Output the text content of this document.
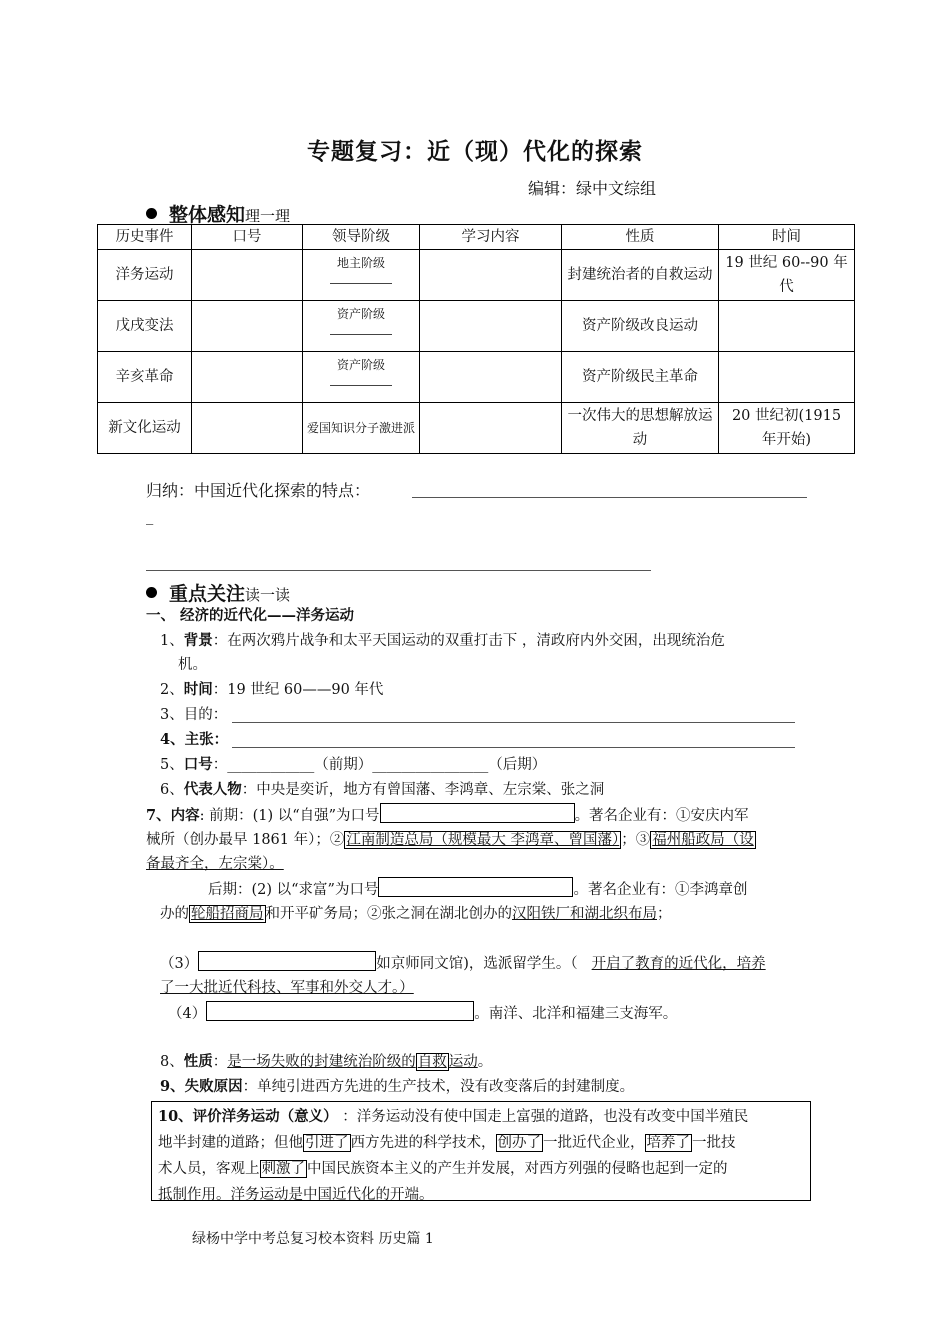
专题复习：近（现）代化的探索
编辑：绿中文综组
整体感知理一理
历史事件	口号	领导阶级	学习内容	性质	时间
洋务运动		地主阶级		封建统治者的自救运动	19 世纪 60--90 年代
戊戌变法		资产阶级		资产阶级改良运动	
辛亥革命		资产阶级		资产阶级民主革命	
新文化运动		爱国知识分子激进派		一次伟大的思想解放运动	20 世纪初(1915 年开始)
归纳：中国近代化探索的特点：
_
重点关注读一读
一、 经济的近代化——洋务运动
1、背景：在两次鸦片战争和太平天国运动的双重打击下 ，清政府内外交困，出现统治危
机。
2、时间：19 世纪 60——90 年代
3、目的：
4、主张：
5、口号：____________（前期）________________（后期）
6、代表人物：中央是奕䜣，地方有曾国藩、李鸿章、左宗棠、张之洞
7、内容: 前期：(1) 以“自强”为口号	。著名企业有：①安庆内军
械所（创办最早 1861 年）；② 江南制造总局（规模最大 李鸿章、曾国藩） ；③ 福州船政局（设
备最齐全，左宗棠）。
后期：(2) 以“求富”为口号	。著名企业有：①李鸿章创
办的 轮船招商局 和开平矿务局；②张之洞在湖北创办的汉阳铁厂和湖北织布局；
（3）	如京师同文馆)，选派留学生。（ 开启了教育的近代化，培养
了一大批近代科技、军事和外交人才。）
（4）	。南洋、北洋和福建三支海军。
8、性质：是一场失败的封建统治阶级的 自救 运动。
9、失败原因：单纯引进西方先进的生产技术，没有改变落后的封建制度。
10、评价洋务运动（意义） ：洋务运动没有使中国走上富强的道路，也没有改变中国半殖民
地半封建的道路；但他 引进了 西方先进的科学技术， 创办了 一批近代企业， 培养了 一批技
术人员，客观上 刺激了 中国民族资本主义的产生并发展，对西方列强的侵略也起到一定的
抵制作用。洋务运动是中国近代化的开端。
绿杨中学中考总复习校本资料 历史篇 1
